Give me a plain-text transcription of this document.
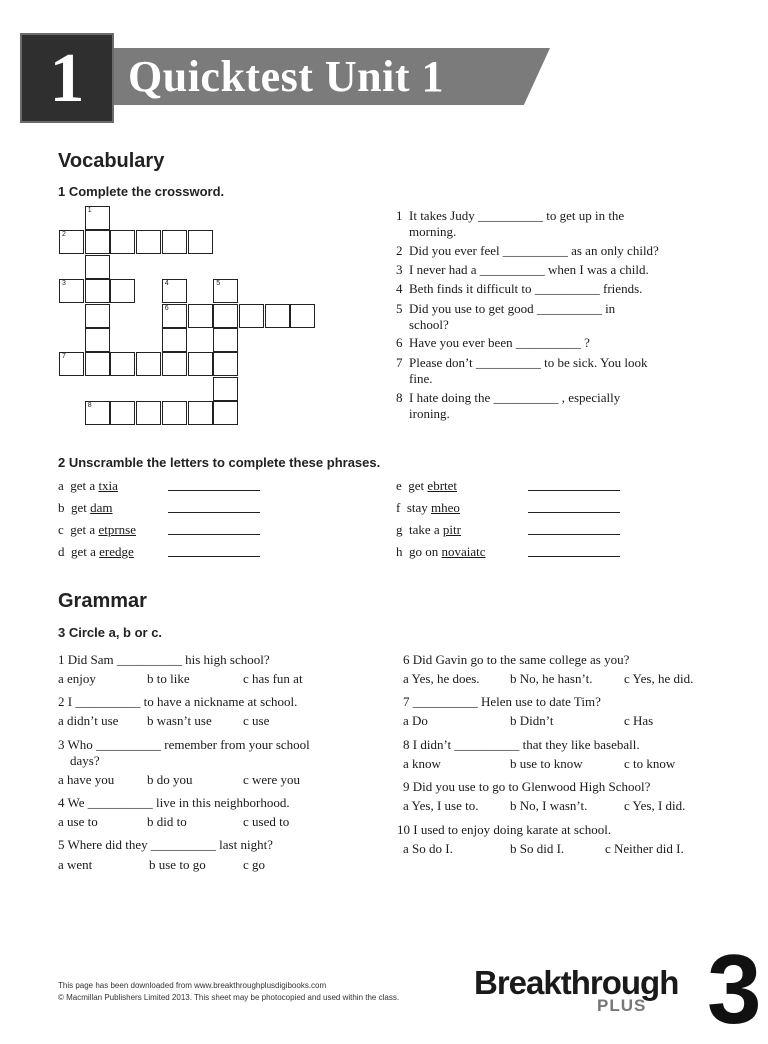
1 Quicktest Unit 1
Vocabulary
1 Complete the crossword.
1
2
3	4	5
6
7
8
1 It takes Judy __________ to get up in the
morning.
2 Did you ever feel __________ as an only child?
3 I never had a __________ when I was a child.
4 Beth finds it difficult to __________ friends.
5 Did you use to get good __________ in
school?
6 Have you ever been __________ ?
7 Please don’t __________ to be sick. You look
fine.
8 I hate doing the __________ , especially
ironing.
2 Unscramble the letters to complete these phrases.
a get a txia
b get dam
c get a etprnse
d get a eredge
e get ebrtet
f stay mheo
g take a pitr
h go on novaiatc
Grammar
3 Circle a, b or c.
1 Did Sam __________ his high school?
a enjoy	b to like	c has fun at
2 I __________ to have a nickname at school.
a didn’t use b wasn’t use c use
3 Who __________ remember from your school
days?
a have you	b do you	c were you
4 We __________ live in this neighborhood.
a use to	b did to	c used to
5 Where did they __________ last night?
a went	b use to go	c go
6 Did Gavin go to the same college as you?
a Yes, he does. b No, he hasn’t. c Yes, he did.
7 __________ Helen use to date Tim?
a Do	b Didn’t	c Has
8 I didn’t __________ that they like baseball.
a know	b use to know	c to know
9 Did you use to go to Glenwood High School?
a Yes, I use to. b No, I wasn’t.	c Yes, I did.
10 I used to enjoy doing karate at school.
a So do I.	b So did I.	c Neither did I.
This page has been downloaded from www.breakthroughplusdigibooks.com
© Macmillan Publishers Limited 2013. This sheet may be photocopied and used within the class. Breakthrough
PLUS 3
